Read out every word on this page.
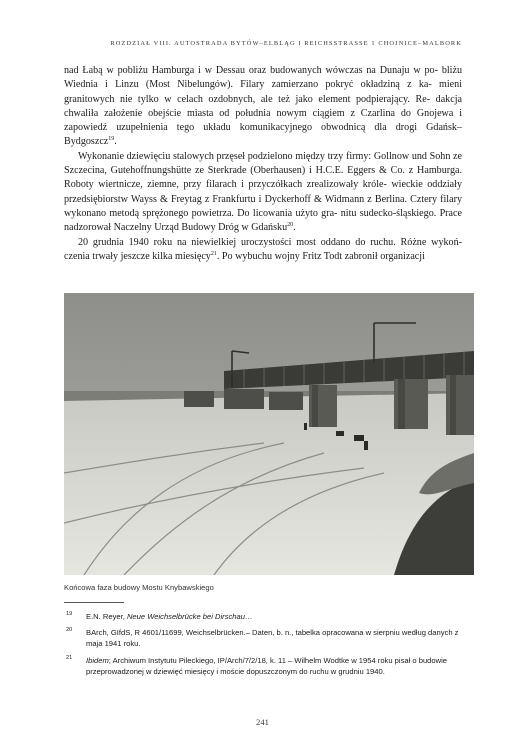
ROZDZIAŁ VIII. AUTOSTRADA BYTÓW–ELBLĄG I REICHSSTRASSE 1 CHOJNICE–MALBORK

nad Łabą w pobliżu Hamburga i w Dessau oraz budowanych wówczas na Dunaju w po- bliżu Wiednia i Linzu (Most Nibelungów). Filary zamierzano pokryć okładziną z ka- mieni granitowych nie tylko w celach ozdobnych, ale też jako element podpierający. Re- dakcja chwaliła założenie obejście miasta od południa nowym ciągiem z Czarlina do Gnojewa i zapowiedź uzupełnienia tego układu komunikacyjnego obwodnicą dla drogi Gdańsk–Bydgoszcz$^{19}$.

Wykonanie dziewięciu stalowych przęseł podzielono między trzy firmy: Gollnow und Sohn ze Szczecina, Gutehoffnungshütte ze Sterkrade (Oberhausen) i H.C.E. Eggers & Co. z Hamburga. Roboty wiertnicze, ziemne, przy filarach i przyczółkach zrealizowały króle- wieckie oddziały przedsiębiorstw Wayss & Freytag z Frankfurtu i Dyckerhoff & Widmann z Berlina. Cztery filary wykonano metodą sprężonego powietrza. Do licowania użyto gra- nitu sudecko-śląskiego. Prace nadzorował Naczelny Urząd Budowy Dróg w Gdańsku$^{20}$.

20 grudnia 1940 roku na niewielkiej uroczystości most oddano do ruchu. Różne wykoń- czenia trwały jeszcze kilka miesięcy$^{21}$. Po wybuchu wojny Fritz Todt zabronił organizacji

Końcowa faza budowy Mostu Knybawskiego
19 E.N. Reyer, Neue Weichselbrücke bei Dirschau…
20 BArch, GIfdS, R 4601/11699, Weichselbrücken.– Daten, b. n., tabelka opracowana w sierpniu według danych z maja 1941 roku.
21 Ibidem; Archiwum Instytutu Pileckiego, IP/Arch/7/2/18, k. 11 – Wilhelm Wodtke w 1954 roku pisał o budowie przeprowadzonej w dziewięć miesięcy i moście dopuszczonym do ruchu w grudniu 1940.
241
